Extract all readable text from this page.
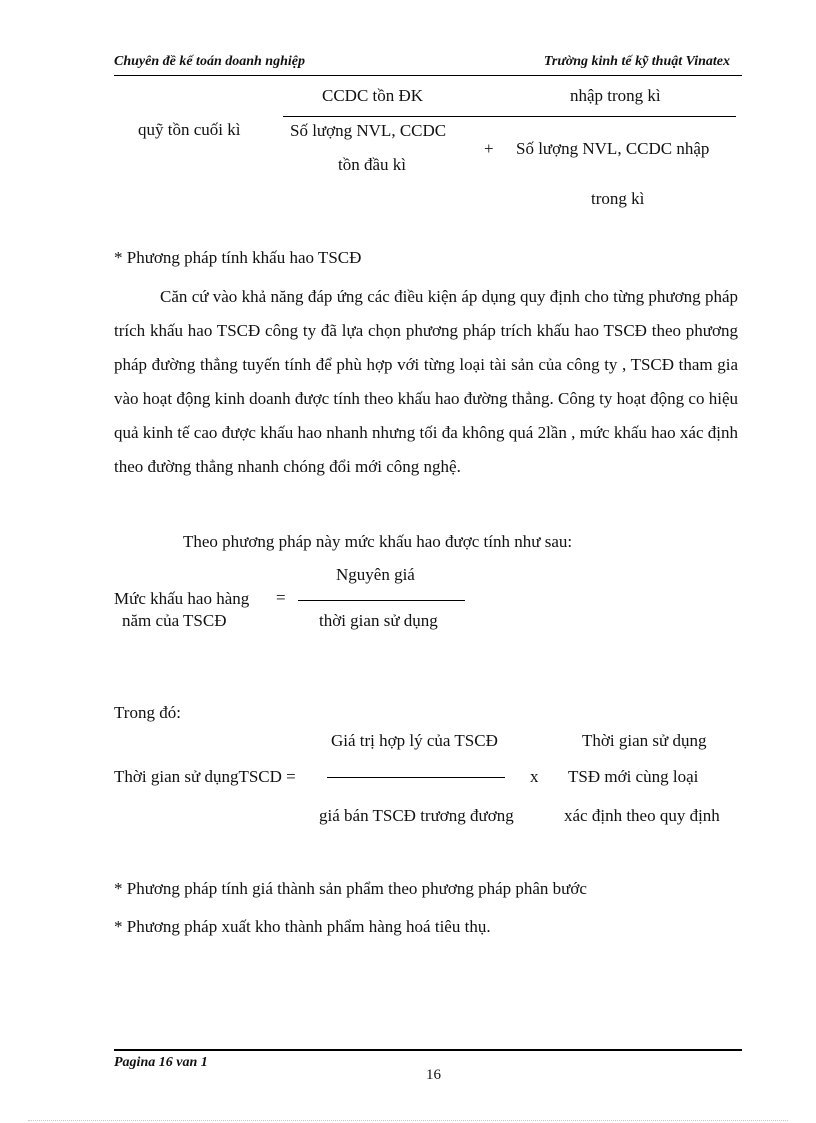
Chuyên đề kế toán doanh nghiệp	Trường kinh tế kỹ thuật Vinatex
quỹ tồn cuối kì
CCDC tồn ĐK	nhập trong kì
Số lượng NVL, CCDC
tồn đầu kì
+ Số lượng NVL, CCDC nhập
trong kì
* Phương pháp tính khấu hao TSCĐ
Căn cứ vào khả năng đáp ứng các điều kiện áp dụng quy định cho từng phương pháp trích khấu hao TSCĐ công ty đã lựa chọn phương pháp trích khấu hao TSCĐ theo phương pháp đường thẳng tuyến tính để phù hợp với từng loại tài sản của công ty , TSCĐ tham gia vào hoạt động kinh doanh được tính theo khấu hao đường thẳng. Công ty hoạt động co hiệu quả kinh tế cao được khấu hao nhanh nhưng tối đa không quá 2lần , mức khấu hao xác định theo đường thẳng nhanh chóng đổi mới công nghệ.
Theo phương pháp này mức khấu hao được tính như sau:
Mức khấu hao hàng
năm của TSCĐ
=
Nguyên giá
thời gian sử dụng
Trong đó:
Giá trị hợp lý của TSCĐ	Thời gian sử dụng
Thời gian sử dụngTSCD =	x TSĐ mới cùng loại
giá bán TSCĐ trương đương	xác định theo quy định
* Phương pháp tính giá thành sản phẩm theo phương pháp phân bước
* Phương pháp xuất kho thành phẩm hàng hoá tiêu thụ.
Pagina 16 van 1
16
